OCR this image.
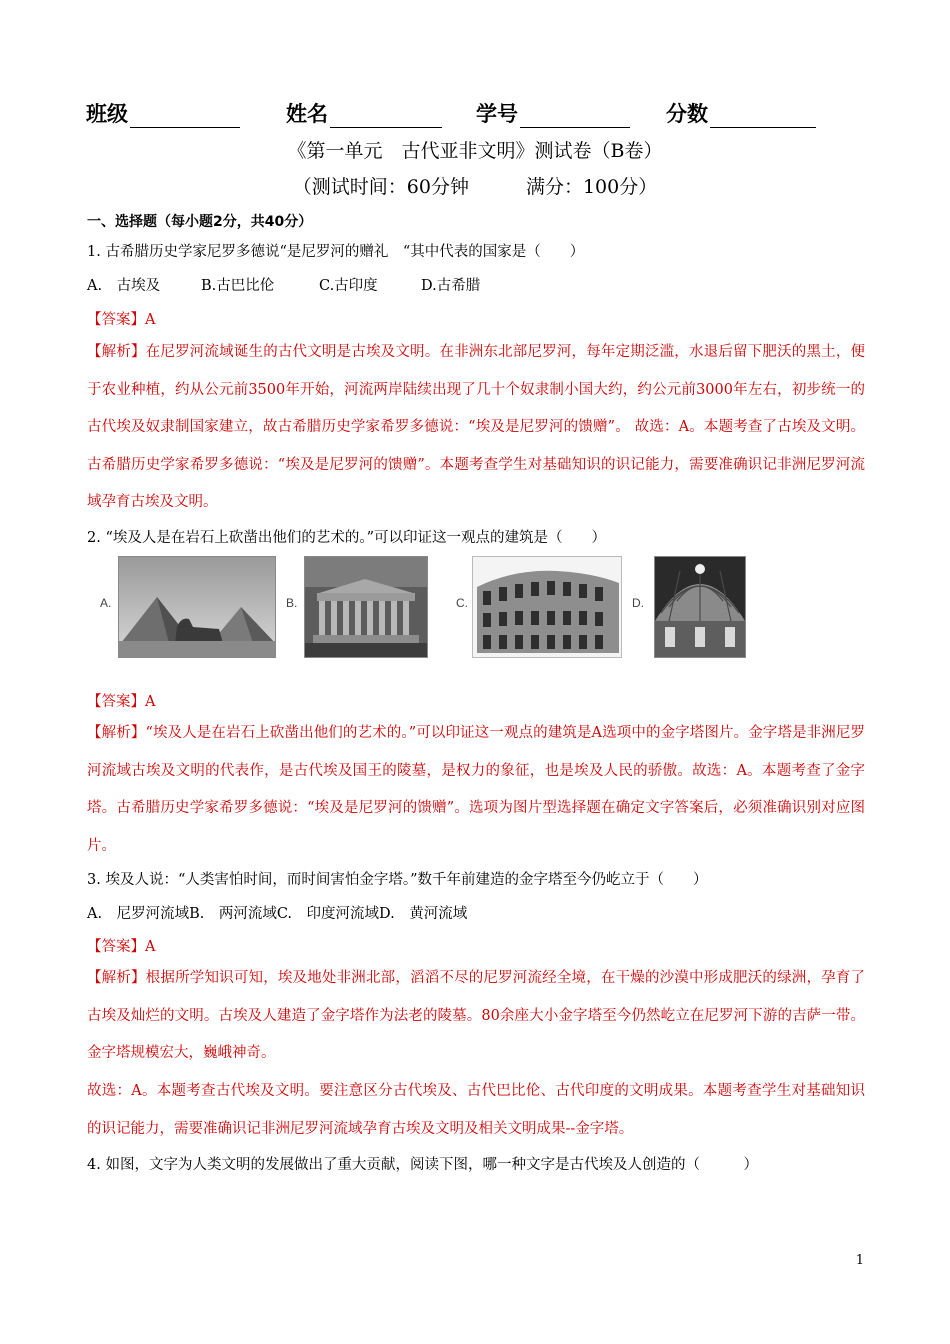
班级	姓名	学号	分数
《第一单元　古代亚非文明》测试卷（B卷）
（测试时间：60分钟　　　满分：100分）
一、选择题（每小题2分，共40分）
1. 古希腊历史学家尼罗多德说“是尼罗河的赠礼　“其中代表的国家是（　　）
A.　古埃及	B.古巴比伦	C.古印度	D.古希腊
【答案】A
【解析】在尼罗河流域诞生的古代文明是古埃及文明。在非洲东北部尼罗河，每年定期泛滥，水退后留下肥沃的黑土，便于农业种植，约从公元前3500年开始，河流两岸陆续出现了几十个奴隶制小国大约，约公元前3000年左右，初步统一的古代埃及奴隶制国家建立，故古希腊历史学家希罗多德说：“埃及是尼罗河的馈赠”。 故选：A。本题考查了古埃及文明。古希腊历史学家希罗多德说：“埃及是尼罗河的馈赠”。本题考查学生对基础知识的识记能力，需要准确识记非洲尼罗河流域孕育古埃及文明。
2. “埃及人是在岩石上砍凿出他们的艺术的。”可以印证这一观点的建筑是（　　）
A.	B.	C.	D.
【答案】A
【解析】“埃及人是在岩石上砍凿出他们的艺术的。”可以印证这一观点的建筑是A选项中的金字塔图片。金字塔是非洲尼罗河流域古埃及文明的代表作，是古代埃及国王的陵墓，是权力的象征，也是埃及人民的骄傲。故选：A。本题考查了金字塔。古希腊历史学家希罗多德说：“埃及是尼罗河的馈赠”。选项为图片型选择题在确定文字答案后，必须准确识别对应图片。
3. 埃及人说：“人类害怕时间，而时间害怕金字塔。”数千年前建造的金字塔至今仍屹立于（　　）
A.　尼罗河流域B.　两河流域C.　印度河流域D.　黄河流域
【答案】A
【解析】根据所学知识可知，埃及地处非洲北部，滔滔不尽的尼罗河流经全境，在干燥的沙漠中形成肥沃的绿洲，孕育了古埃及灿烂的文明。古埃及人建造了金字塔作为法老的陵墓。80余座大小金字塔至今仍然屹立在尼罗河下游的吉萨一带。金字塔规模宏大，巍峨神奇。
故选：A。本题考查古代埃及文明。要注意区分古代埃及、古代巴比伦、古代印度的文明成果。本题考查学生对基础知识的识记能力，需要准确识记非洲尼罗河流域孕育古埃及文明及相关文明成果--金字塔。
4. 如图，文字为人类文明的发展做出了重大贡献，阅读下图，哪一种文字是古代埃及人创造的（　　　）
1
